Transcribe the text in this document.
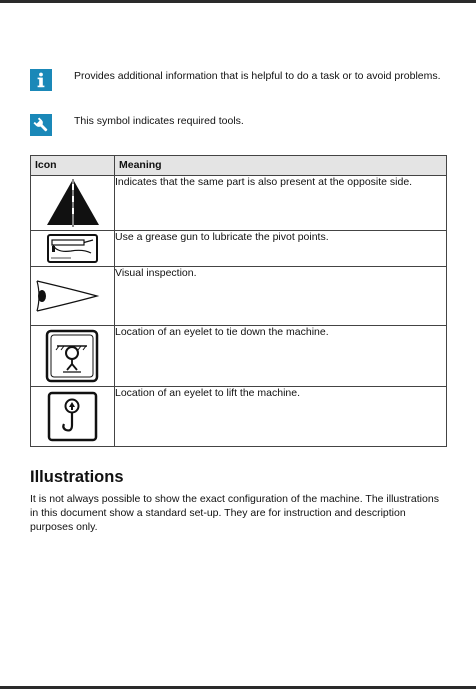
Provides additional information that is helpful to do a task or to avoid problems.
This symbol indicates required tools.
Icon	Meaning

	Indicates that the same part is also present at the opposite side.

	Use a grease gun to lubricate the pivot points.

	Visual inspection.

	Location of an eyelet to tie down the machine.

	Location of an eyelet to lift the machine.
Illustrations

It is not always possible to show the exact configuration of the machine. The illustrations in this document show a standard set-up. They are for instruction and description purposes only.
